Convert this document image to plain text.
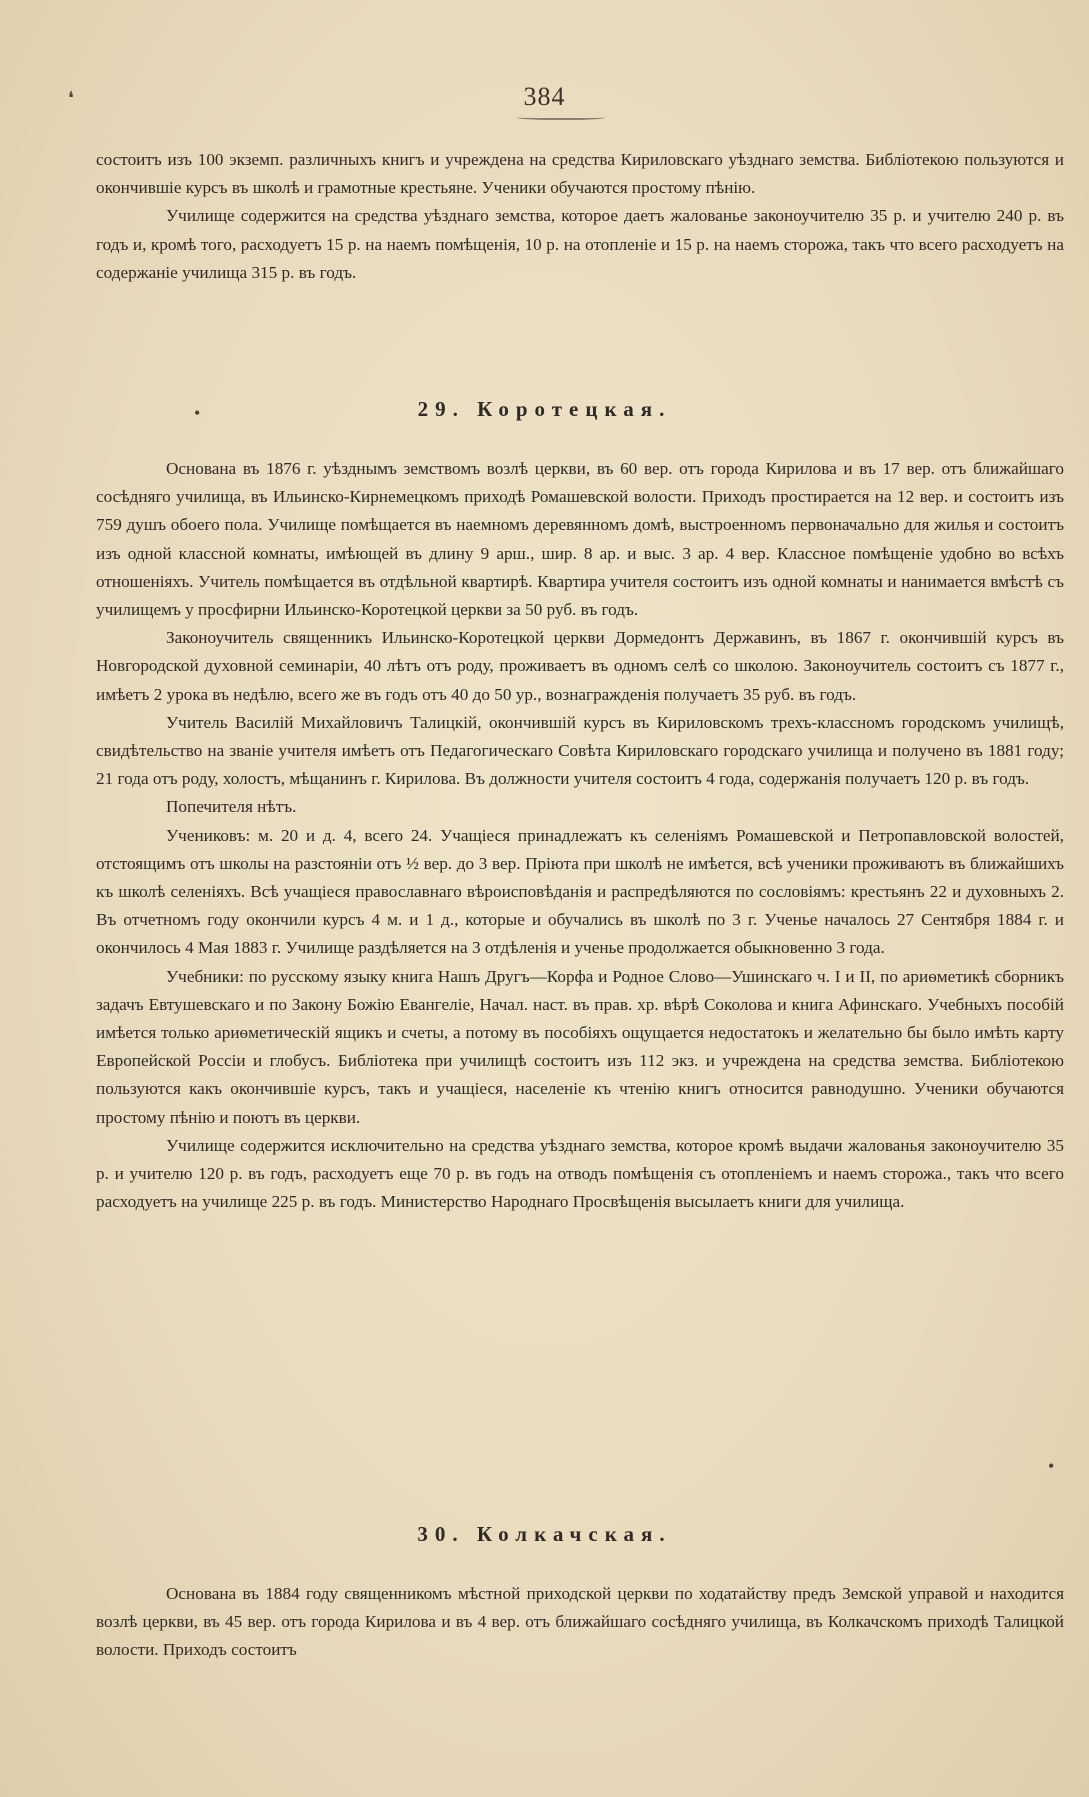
❛
•
•
384

состоитъ изъ 100 экземп. различныхъ книгъ и учреждена на средства Кириловскаго уѣзднаго земства. Библіотекою пользуются и окончившіе курсъ въ школѣ и грамотные крестьяне. Ученики обучаются простому пѣнію.

Училище содержится на средства уѣзднаго земства, которое даетъ жалованье законоучителю 35 р. и учителю 240 р. въ годъ и, кромѣ того, расходуетъ 15 р. на наемъ помѣщенія, 10 р. на отопленіе и 15 р. на наемъ сторожа, такъ что всего расходуетъ на содержаніе училища 315 р. въ годъ.

29. Коротецкая.

Основана въ 1876 г. уѣзднымъ земствомъ возлѣ церкви, въ 60 вер. отъ города Кирилова и въ 17 вер. отъ ближайшаго сосѣдняго училища, въ Ильинско-Кирнемецкомъ приходѣ Ромашевской волости. Приходъ простирается на 12 вер. и состоитъ изъ 759 душъ обоего пола. Училище помѣщается въ наемномъ деревянномъ домѣ, выстроенномъ первоначально для жилья и состоитъ изъ одной классной комнаты, имѣющей въ длину 9 арш., шир. 8 ар. и выс. 3 ар. 4 вер. Классное помѣщеніе удобно во всѣхъ отношеніяхъ. Учитель помѣщается въ отдѣльной квартирѣ. Квартира учителя состоитъ изъ одной комнаты и нанимается вмѣстѣ съ училищемъ у просфирни Ильинско-Коротецкой церкви за 50 руб. въ годъ.

Законоучитель священникъ Ильинско-Коротецкой церкви Дормедонтъ Державинъ, въ 1867 г. окончившій курсъ въ Новгородской духовной семинаріи, 40 лѣтъ отъ роду, проживаетъ въ одномъ селѣ со школою. Законоучитель состоитъ съ 1877 г., имѣетъ 2 урока въ недѣлю, всего же въ годъ отъ 40 до 50 ур., вознагражденія получаетъ 35 руб. въ годъ.

Учитель Василій Михайловичъ Талицкій, окончившій курсъ въ Кириловскомъ трехъ-классномъ городскомъ училищѣ, свидѣтельство на званіе учителя имѣетъ отъ Педагогическаго Совѣта Кириловскаго городскаго училища и получено въ 1881 году; 21 года отъ роду, холостъ, мѣщанинъ г. Кирилова. Въ должности учителя состоитъ 4 года, содержанія получаетъ 120 р. въ годъ.

Попечителя нѣтъ.

Учениковъ: м. 20 и д. 4, всего 24. Учащіеся принадлежатъ къ селеніямъ Ромашевской и Петропавловской волостей, отстоящимъ отъ школы на разстояніи отъ ½ вер. до 3 вер. Пріюта при школѣ не имѣется, всѣ ученики проживаютъ въ ближайшихъ къ школѣ селеніяхъ. Всѣ учащіеся православнаго вѣроисповѣданія и распредѣляются по сословіямъ: крестьянъ 22 и духовныхъ 2. Въ отчетномъ году окончили курсъ 4 м. и 1 д., которые и обучались въ школѣ по 3 г. Ученье началось 27 Сентября 1884 г. и окончилось 4 Мая 1883 г. Училище раздѣляется на 3 отдѣленія и ученье продолжается обыкновенно 3 года.

Учебники: по русскому языку книга Нашъ Другъ—Корфа и Родное Слово—Ушинскаго ч. I и II, по ариѳметикѣ сборникъ задачъ Евтушевскаго и по Закону Божію Евангеліе, Начал. наст. въ прав. хр. вѣрѣ Соколова и книга Афинскаго. Учебныхъ пособій имѣется только ариѳметическій ящикъ и счеты, а потому въ пособіяхъ ощущается недостатокъ и желательно бы было имѣть карту Европейской Россіи и глобусъ. Библіотека при училищѣ состоитъ изъ 112 экз. и учреждена на средства земства. Библіотекою пользуются какъ окончившіе курсъ, такъ и учащіеся, населеніе къ чтенію книгъ относится равнодушно. Ученики обучаются простому пѣнію и поютъ въ церкви.

Училище содержится исключительно на средства уѣзднаго земства, которое кромѣ выдачи жалованья законоучителю 35 р. и учителю 120 р. въ годъ, расходуетъ еще 70 р. въ годъ на отводъ помѣщенія съ отопленіемъ и наемъ сторожа., такъ что всего расходуетъ на училище 225 р. въ годъ. Министерство Народнаго Просвѣщенія высылаетъ книги для училища.

30. Колкачская.

Основана въ 1884 году священникомъ мѣстной приходской церкви по ходатайству предъ Земской управой и находится возлѣ церкви, въ 45 вер. отъ города Кирилова и въ 4 вер. отъ ближайшаго сосѣдняго училища, въ Колкачскомъ приходѣ Талицкой волости. Приходъ состоитъ
